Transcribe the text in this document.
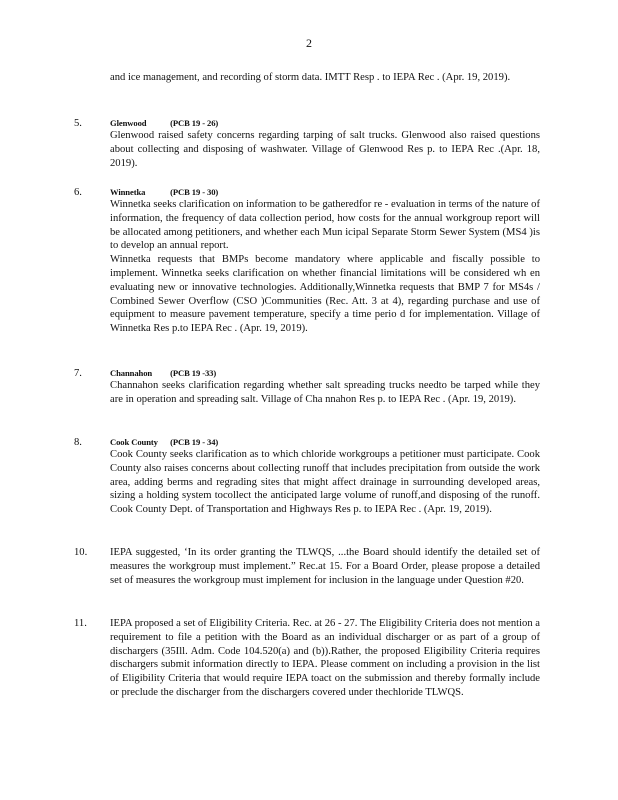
2
and ice management, and recording of storm data. IMTT Resp . to IEPA Rec . (Apr. 19, 2019).
5.	Glenwood	(PCB 19 - 26)

Glenwood raised safety concerns regarding tarping of salt trucks. Glenwood also raised questions about collecting and disposing of washwater. Village of Glenwood Res p. to IEPA Rec .(Apr. 18, 2019).

6.	Winnetka	(PCB 19 - 30)

Winnetka seeks clarification on information to be gatheredfor re - evaluation in terms of the nature of information, the frequency of data collection period, how costs for the annual workgroup report will be allocated among petitioners, and whether each Mun icipal Separate Storm Sewer System (MS4 )is to develop an annual report.

Winnetka requests that BMPs become mandatory where applicable and fiscally possible to implement. Winnetka seeks clarification on whether financial limitations will be considered wh en evaluating new or innovative technologies. Additionally,Winnetka requests that BMP 7 for MS4s / Combined Sewer Overflow (CSO )Communities (Rec. Att. 3 at 4), regarding purchase and use of equipment to measure pavement temperature, specify a time perio d for implementation. Village of Winnetka Res p.to IEPA Rec . (Apr. 19, 2019).

7.	Channahon (PCB 19 -33)

Channahon seeks clarification regarding whether salt spreading trucks needto be tarped while they are in operation and spreading salt. Village of Cha nnahon Res p. to IEPA Rec . (Apr. 19, 2019).

8.	Cook County (PCB 19 - 34)

Cook County seeks clarification as to which chloride workgroups a petitioner must participate. Cook County also raises concerns about collecting runoff that includes precipitation from outside the work area, adding berms and regrading sites that might affect drainage in surrounding developed areas, sizing a holding system tocollect the anticipated large volume of runoff,and disposing of the runoff. Cook County Dept. of Transportation and Highways Res p. to IEPA Rec . (Apr. 19, 2019).

10. IEPA suggested, ‘In its order granting the TLWQS, ...the Board should identify the detailed set of measures the workgroup must implement.” Rec.at 15. For a Board Order, please propose a detailed set of measures the workgroup must implement for inclusion in the language under Question #20.

11. IEPA proposed a set of Eligibility Criteria. Rec. at 26 - 27. The Eligibility Criteria does not mention a requirement to file a petition with the Board as an individual discharger or as part of a group of dischargers (35Ill. Adm. Code 104.520(a) and (b)).Rather, the proposed Eligibility Criteria requires dischargers submit information directly to IEPA. Please comment on including a provision in the list of Eligibility Criteria that would require IEPA toact on the submission and thereby formally include or preclude the discharger from the dischargers covered under thechloride TLWQS.
